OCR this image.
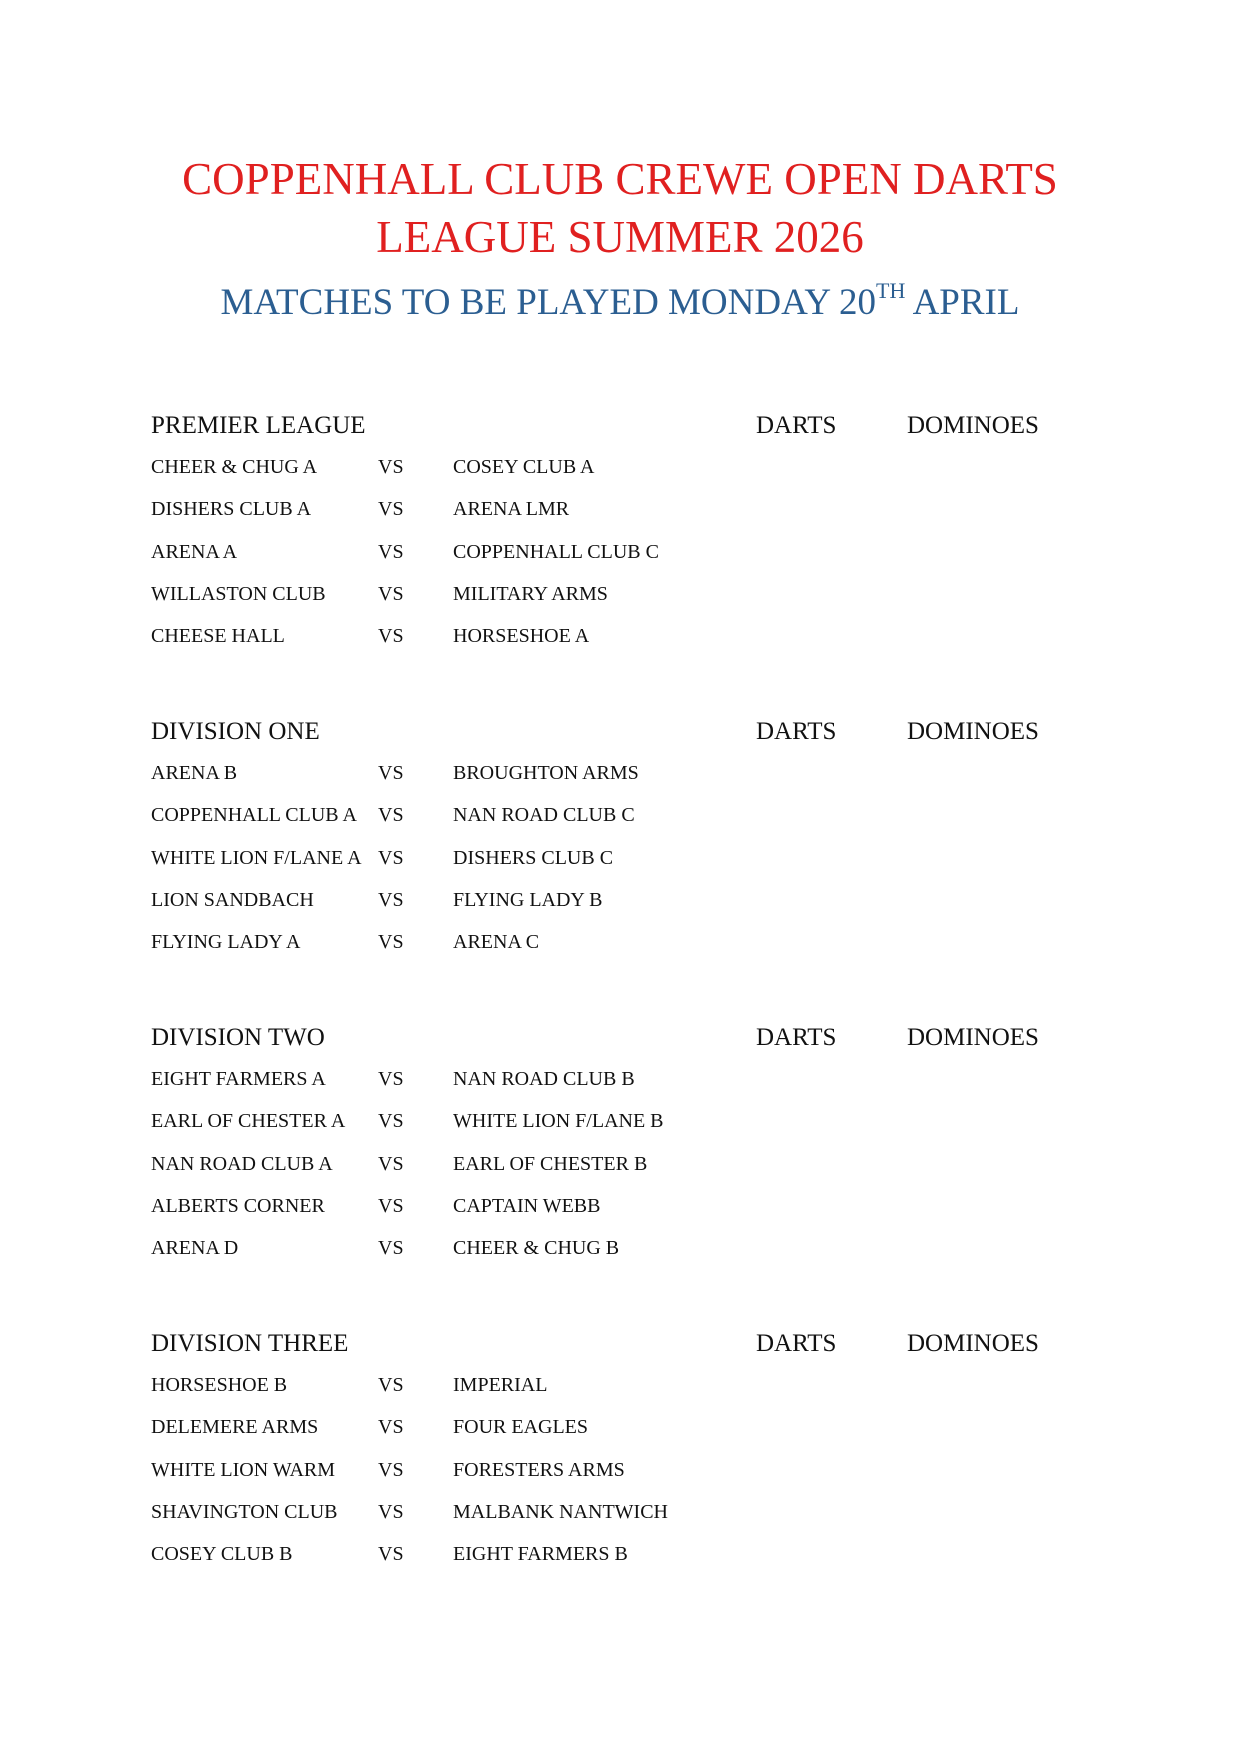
COPPENHALL CLUB CREWE OPEN DARTS
LEAGUE SUMMER 2026
MATCHES TO BE PLAYED MONDAY 20TH APRIL
PREMIER LEAGUE	DARTS	DOMINOES
CHEER & CHUG A	VS COSEY CLUB A
DISHERS CLUB A	VS ARENA LMR
ARENA A	VS COPPENHALL CLUB C
WILLASTON CLUB	VS MILITARY ARMS
CHEESE HALL	VS HORSESHOE A
DIVISION ONE	DARTS	DOMINOES
ARENA B	VS BROUGHTON ARMS
COPPENHALL CLUB A VS NAN ROAD CLUB C
WHITE LION F/LANE A VS DISHERS CLUB C
LION SANDBACH	VS FLYING LADY B
FLYING LADY A	VS ARENA C
DIVISION TWO	DARTS	DOMINOES
EIGHT FARMERS A	VS NAN ROAD CLUB B
EARL OF CHESTER A VS WHITE LION F/LANE B
NAN ROAD CLUB A VS EARL OF CHESTER B
ALBERTS CORNER	VS CAPTAIN WEBB
ARENA D	VS CHEER & CHUG B
DIVISION THREE	DARTS	DOMINOES
HORSESHOE B	VS IMPERIAL
DELEMERE ARMS	VS FOUR EAGLES
WHITE LION WARM VS FORESTERS ARMS
SHAVINGTON CLUB VS MALBANK NANTWICH
COSEY CLUB B	VS EIGHT FARMERS B
